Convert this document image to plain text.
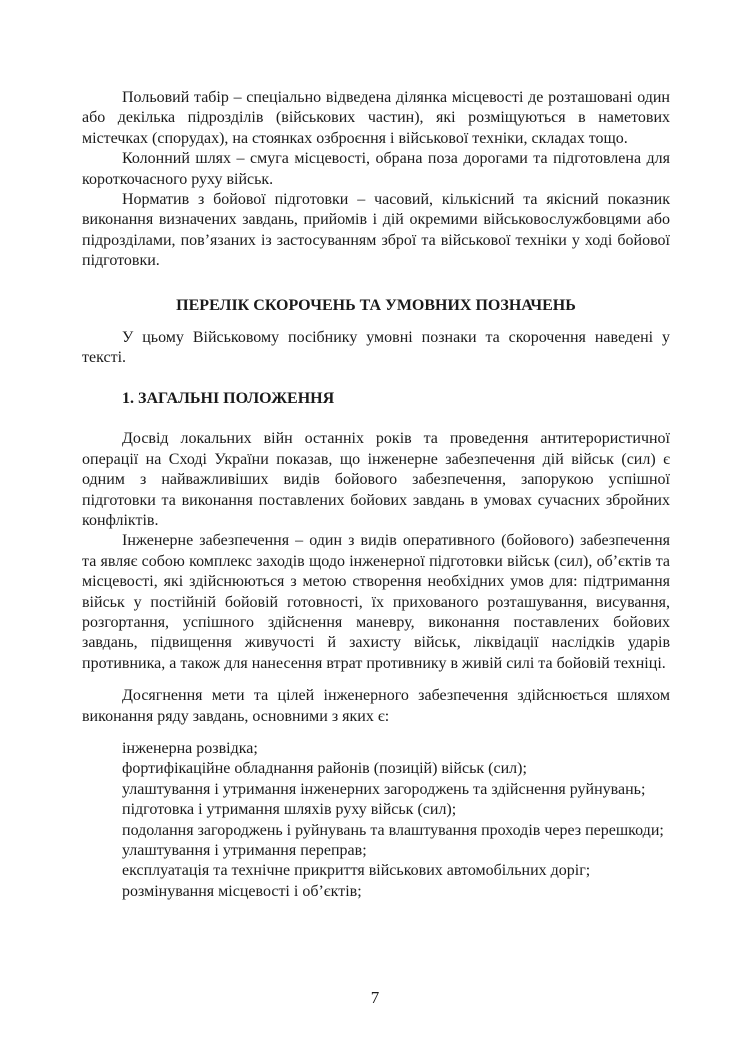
Польовий табір – спеціально відведена ділянка місцевості де розташовані один або декілька підрозділів (військових частин), які розміщуються в наметових містечках (спорудах), на стоянках озброєння і військової техніки, складах тощо.

Колонний шлях – смуга місцевості, обрана поза дорогами та підготовлена для короткочасного руху військ.

Норматив з бойової підготовки – часовий, кількісний та якісний показник виконання визначених завдань, прийомів і дій окремими військовослужбовцями або підрозділами, пов’язаних із застосуванням зброї та військової техніки у ході бойової підготовки.

ПЕРЕЛІК СКОРОЧЕНЬ ТА УМОВНИХ ПОЗНАЧЕНЬ

У цьому Військовому посібнику умовні познаки та скорочення наведені у тексті.

1. ЗАГАЛЬНІ ПОЛОЖЕННЯ

Досвід локальних війн останніх років та проведення антитерористичної операції на Сході України показав, що інженерне забезпечення дій військ (сил) є одним з найважливіших видів бойового забезпечення, запорукою успішної підготовки та виконання поставлених бойових завдань в умовах сучасних збройних конфліктів.

Інженерне забезпечення – один з видів оперативного (бойового) забезпечення та являє собою комплекс заходів щодо інженерної підготовки військ (сил), об’єктів та місцевості, які здійснюються з метою створення необхідних умов для: підтримання військ у постійній бойовій готовності, їх прихованого розташування, висування, розгортання, успішного здійснення маневру, виконання поставлених бойових завдань, підвищення живучості й захисту військ, ліквідації наслідків ударів противника, а також для нанесення втрат противнику в живій силі та бойовій техніці.

Досягнення мети та цілей інженерного забезпечення здійснюється шляхом виконання ряду завдань, основними з яких є:

інженерна розвідка;

фортифікаційне обладнання районів (позицій) військ (сил);

улаштування і утримання інженерних загороджень та здійснення руйнувань;

підготовка і утримання шляхів руху військ (сил);

подолання загороджень і руйнувань та влаштування проходів через перешкоди;

улаштування і утримання переправ;

експлуатація та технічне прикриття військових автомобільних доріг;

розмінування місцевості і об’єктів;

7
